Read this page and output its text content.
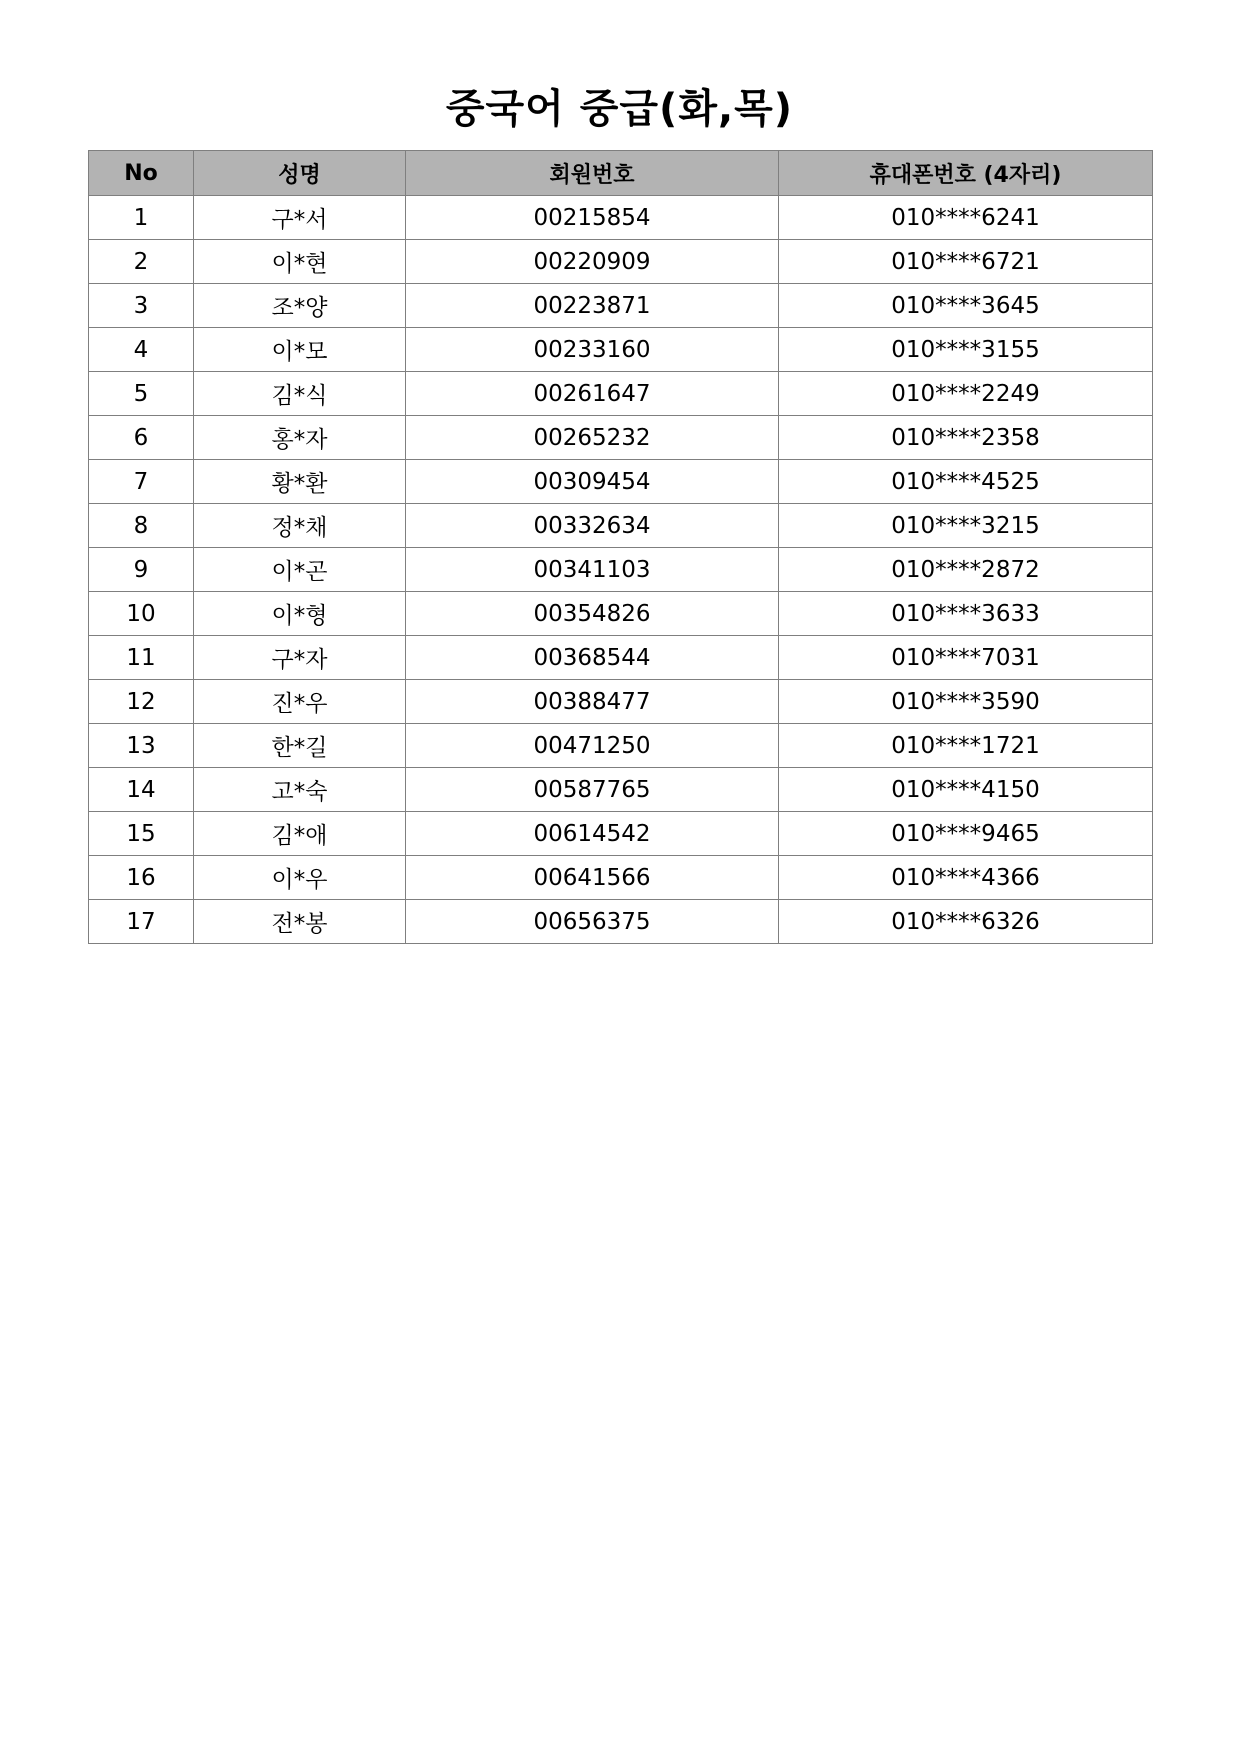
중국어 중급(화,목)
No	성명	회원번호	휴대폰번호 (4자리)
1	구*서	00215854	010****6241
2	이*현	00220909	010****6721
3	조*양	00223871	010****3645
4	이*모	00233160	010****3155
5	김*식	00261647	010****2249
6	홍*자	00265232	010****2358
7	황*환	00309454	010****4525
8	정*채	00332634	010****3215
9	이*곤	00341103	010****2872
10	이*형	00354826	010****3633
11	구*자	00368544	010****7031
12	진*우	00388477	010****3590
13	한*길	00471250	010****1721
14	고*숙	00587765	010****4150
15	김*애	00614542	010****9465
16	이*우	00641566	010****4366
17	전*봉	00656375	010****6326
